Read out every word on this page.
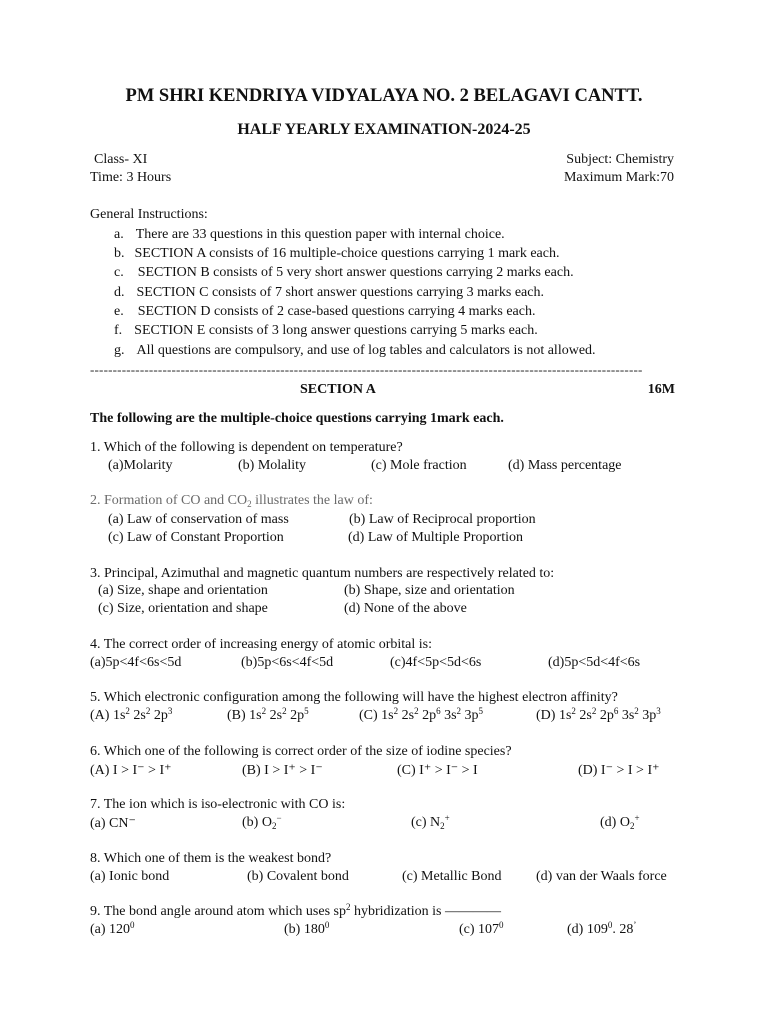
PM SHRI KENDRIYA VIDYALAYA NO. 2 BELAGAVI CANTT.
HALF YEARLY EXAMINATION-2024-25
Class- XI	Subject: Chemistry
Time: 3 Hours	Maximum Mark:70
General Instructions:
a. There are 33 questions in this question paper with internal choice.
b. SECTION A consists of 16 multiple-choice questions carrying 1 mark each.
c. SECTION B consists of 5 very short answer questions carrying 2 marks each.
d. SECTION C consists of 7 short answer questions carrying 3 marks each.
e. SECTION D consists of 2 case-based questions carrying 4 marks each.
f. SECTION E consists of 3 long answer questions carrying 5 marks each.
g. All questions are compulsory, and use of log tables and calculators is not allowed.
--------------------------------------------------------------------------------------------------------------------------
SECTION A	16M
The following are the multiple-choice questions carrying 1mark each.
1. Which of the following is dependent on temperature?
(a)Molarity	(b) Molality	(c) Mole fraction	(d) Mass percentage
2. Formation of CO and $CO_2$ illustrates the law of:
(a) Law of conservation of mass	(b) Law of Reciprocal proportion
(c) Law of Constant Proportion	(d) Law of Multiple Proportion
3. Principal, Azimuthal and magnetic quantum numbers are respectively related to:
(a) Size, shape and orientation	(b) Shape, size and orientation
(c) Size, orientation and shape	(d) None of the above
4. The correct order of increasing energy of atomic orbital is:
(a)5p<4f<6s<5d	(b)5p<6s<4f<5d	(c)4f<5p<5d<6s	(d)5p<5d<4f<6s
5. Which electronic configuration among the following will have the highest electron affinity?
(A) $1s^2$ $2s^2$ $2p^3$	(B) $1s^2$ $2s^2$ $2p^5$	(C) $1s^2$ $2s^2$ $2p^6$ $3s^2$ $3p^5$	(D) $1s^2$ $2s^2$ $2p^6$ $3s^2$ $3p^3$
6. Which one of the following is correct order of the size of iodine species?
(A) I > I⁻ > I⁺	(B) I > I⁺ > I⁻	(C) I⁺ > I⁻ > I	(D) I⁻ > I > I⁺
7. The ion which is iso-electronic with CO is:
(a) CN⁻	(b) $O_2^-$	(c) $N_2^+$	(d) $O_2^+$
8. Which one of them is the weakest bond?
(a) Ionic bond	(b) Covalent bond	(c) Metallic Bond (d) van der Waals force
9. The bond angle around atom which uses $sp^2$ hybridization is ————
(a) $120^0$	(b) $180^0$	(c) $107^0$	(d) $109^0$. $28^ʼ$
